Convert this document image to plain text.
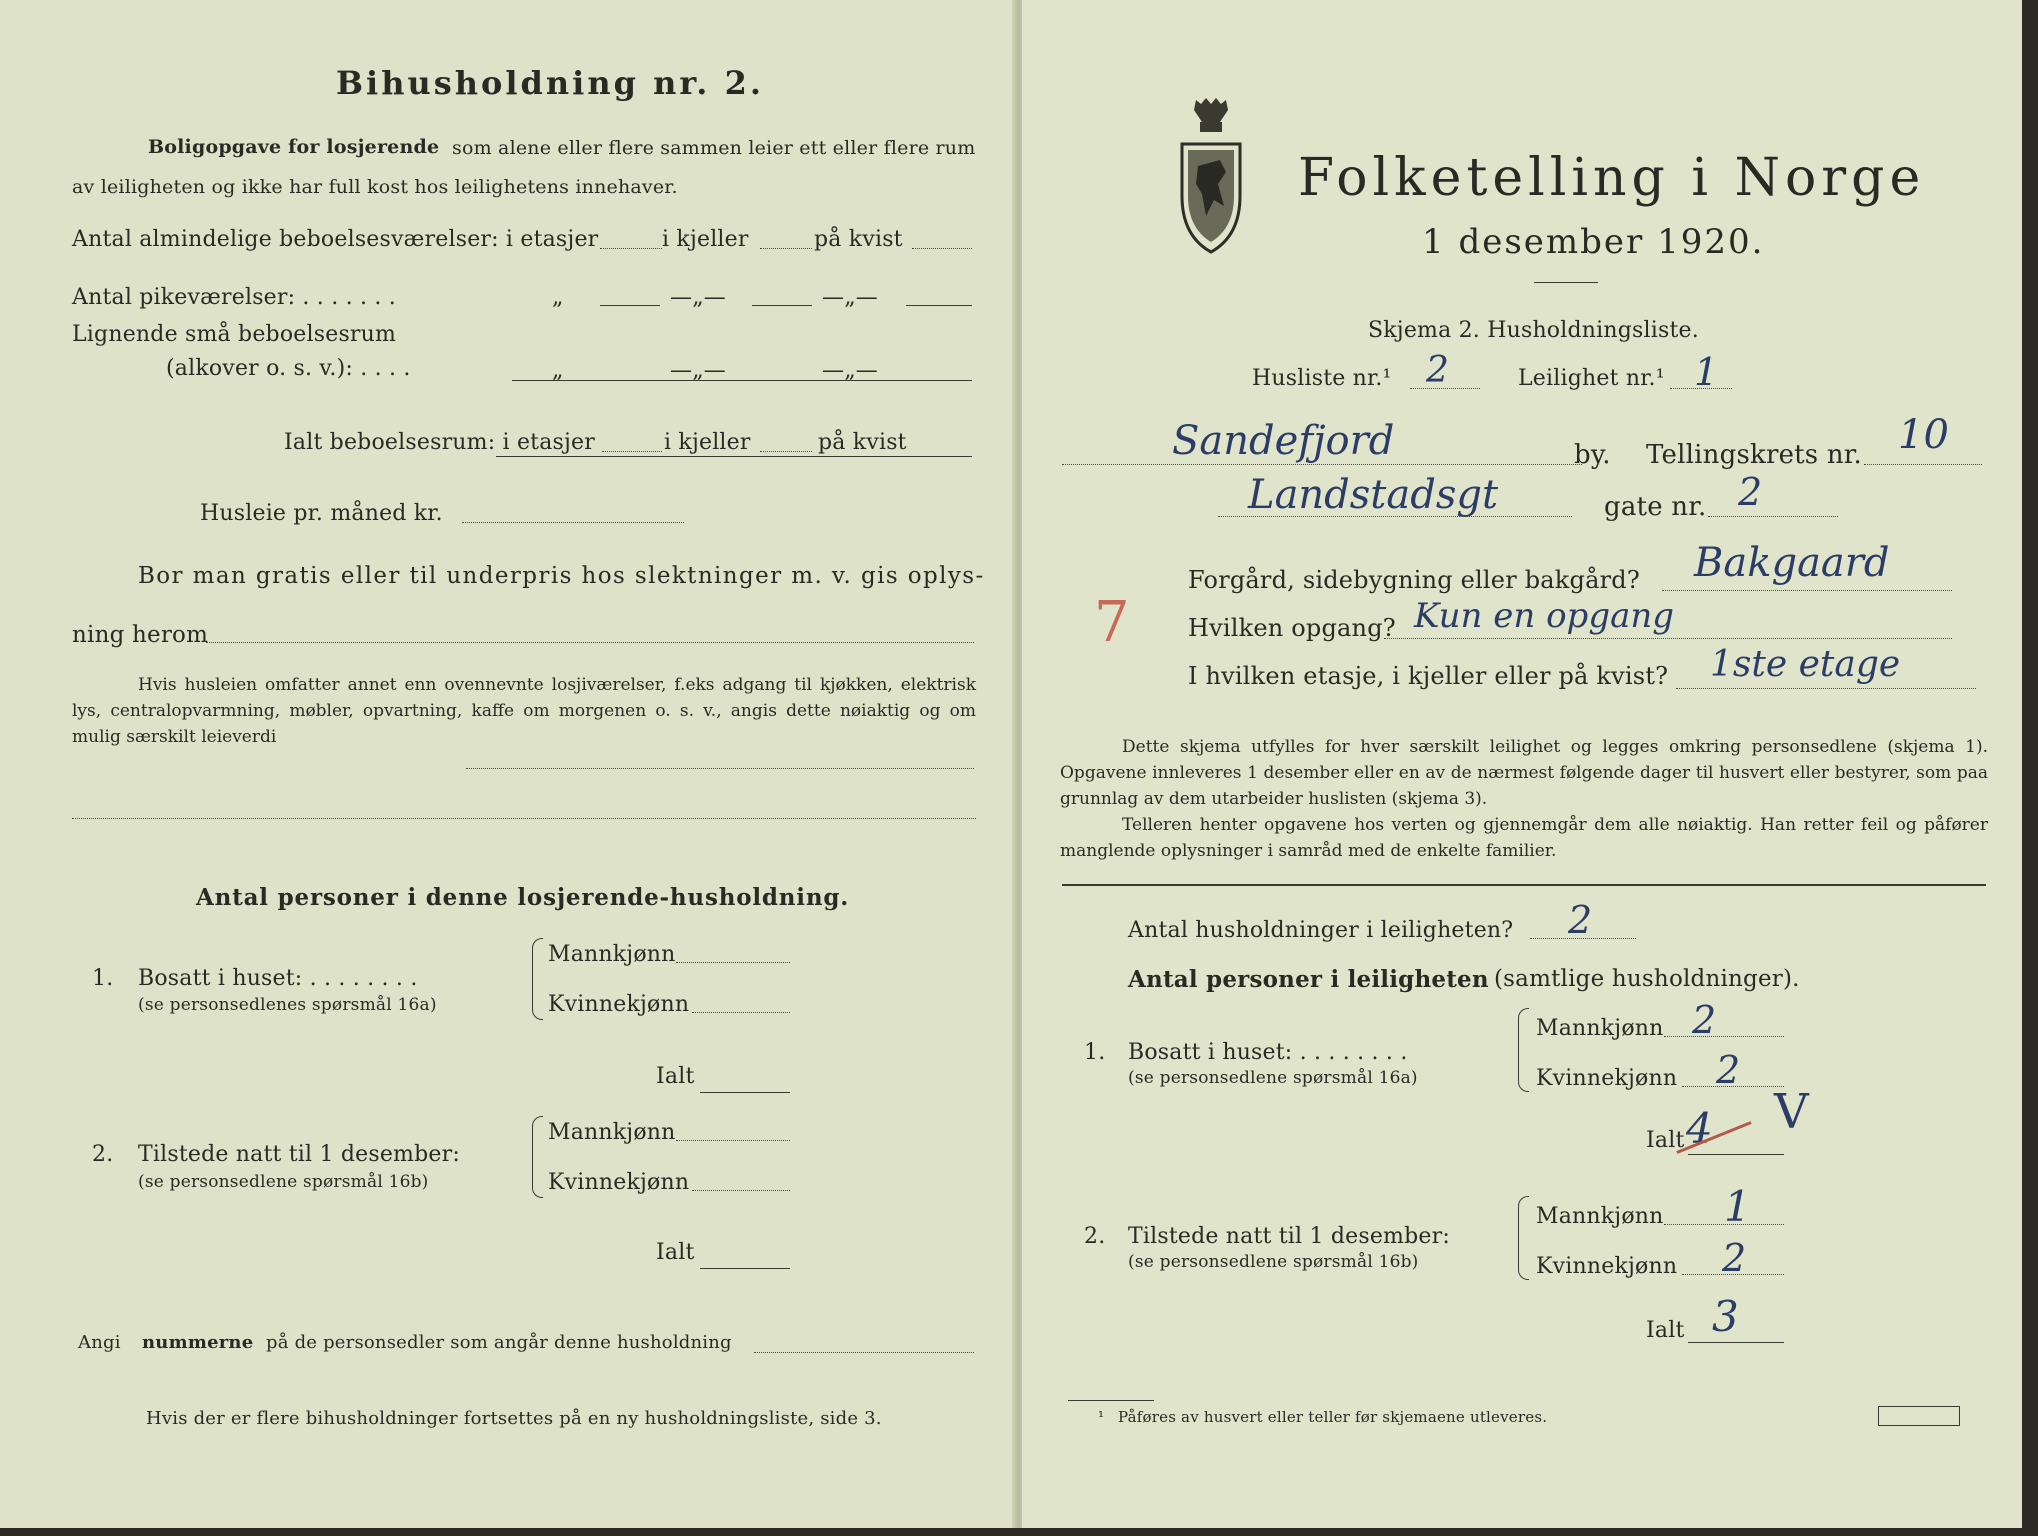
Bihusholdning nr. 2.
Boligopgave for losjerende som alene eller flere sammen leier ett eller flere rum
av leiligheten og ikke har full kost hos leilighetens innehaver.
Antal almindelige beboelsesværelser: i etasjer	i kjeller	på kvist
Antal pikeværelser: . . . . . . .	„	—„—	—„—
Lignende små beboelsesrum
(alkover o. s. v.): . . . .	„	—„—	—„—
Ialt beboelsesrum: i etasjer	i kjeller	på kvist
Husleie pr. måned kr.
Bor man gratis eller til underpris hos slektninger m. v. gis oplys-
ning herom
Hvis husleien omfatter annet enn ovennevnte losjiværelser, f.eks adgang til kjøkken, elektrisk lys, centralopvarmning, møbler, opvartning, kaffe om morgenen o. s. v., angis dette nøiaktig og om mulig særskilt leieverdi
Antal personer i denne losjerende-husholdning.
1. Bosatt i huset: . . . . . . . .
(se personsedlenes spørsmål 16a)
Mannkjønn
Kvinnekjønn
Ialt
2. Tilstede natt til 1 desember:
(se personsedlene spørsmål 16b)
Mannkjønn
Kvinnekjønn
Ialt
Angi nummerne på de personsedler som angår denne husholdning
Hvis der er flere bihusholdninger fortsettes på en ny husholdningsliste, side 3.
Folketelling i Norge
1 desember 1920.
Skjema 2. Husholdningsliste.
Husliste nr.¹ 2	Leilighet nr.¹ 1
Sandefjord	by. Tellingskrets nr. 10
Landstadsgt	gate nr. 2
Forgård, sidebygning eller bakgård? Bakgaard
7 Hvilken opgang? Kun en opgang
I hvilken etasje, i kjeller eller på kvist? 1ste etage
Dette skjema utfylles for hver særskilt leilighet og legges omkring personsedlene (skjema 1). Opgavene innleveres 1 desember eller en av de nærmest følgende dager til husvert eller bestyrer, som paa grunnlag av dem utarbeider huslisten (skjema 3).
Telleren henter opgavene hos verten og gjennemgår dem alle nøiaktig. Han retter feil og påfører manglende oplysninger i samråd med de enkelte familier.
Antal husholdninger i leiligheten? 2
Antal personer i leiligheten (samtlige husholdninger).
1. Bosatt i huset: . . . . . . . .
(se personsedlene spørsmål 16a)
Mannkjønn 2
Kvinnekjønn 2
Ialt 4 V
2. Tilstede natt til 1 desember:
(se personsedlene spørsmål 16b)
Mannkjønn 1
Kvinnekjønn 2
Ialt 3
¹ Påføres av husvert eller teller før skjemaene utleveres.
